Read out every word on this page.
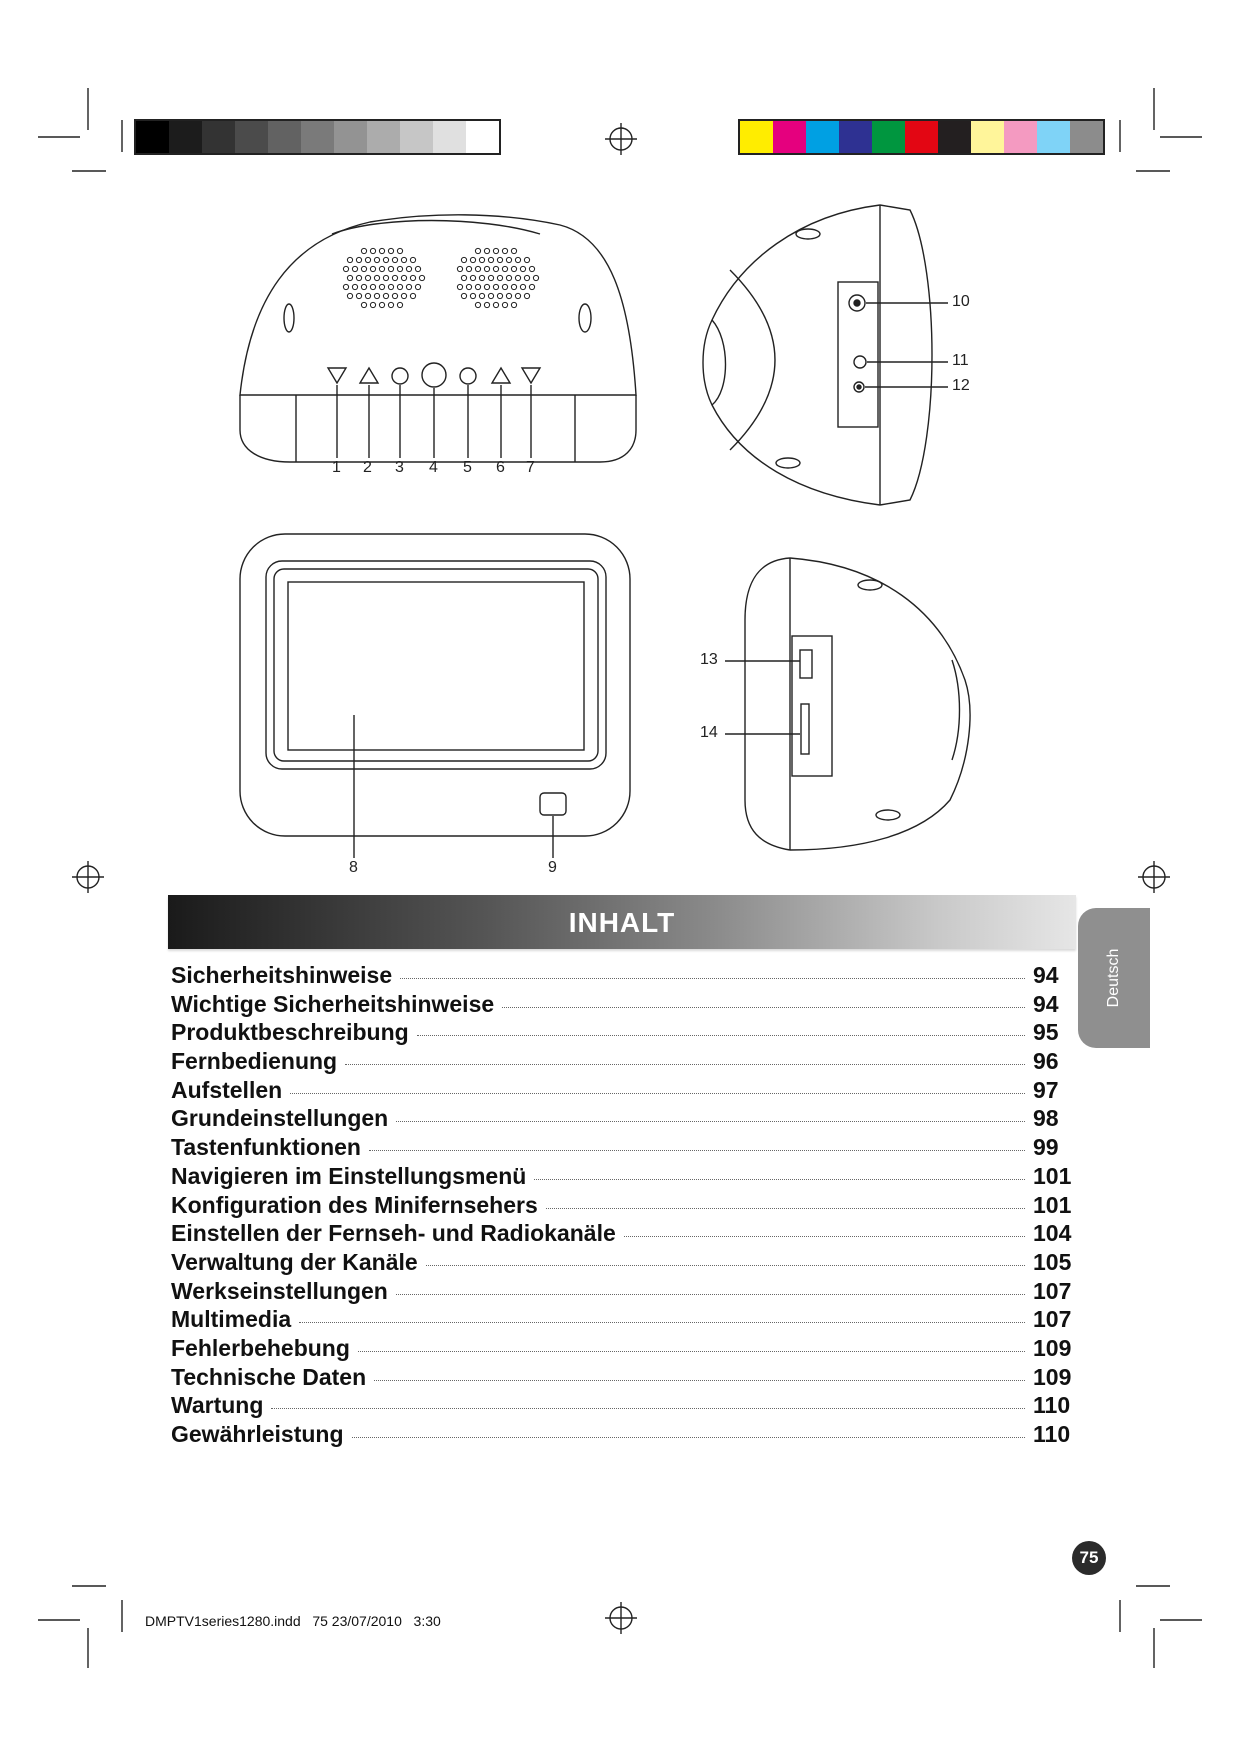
1 2 3 4 5 6 7
8	9
10
11
12
13
14
INHALT
Deutsch
Sicherheitshinweise	94
Wichtige Sicherheitshinweise	94
Produktbeschreibung	95
Fernbedienung	96
Aufstellen	97
Grundeinstellungen	98
Tastenfunktionen	99
Navigieren im Einstellungsmenü	101
Konfiguration des Minifernsehers	101
Einstellen der Fernseh- und Radiokanäle	104
Verwaltung der Kanäle	105
Werkseinstellungen	107
Multimedia	107
Fehlerbehebung	109
Technische Daten	109
Wartung	110
Gewährleistung	110
75
DMPTV1series1280.indd 75 23/07/2010 3:30
